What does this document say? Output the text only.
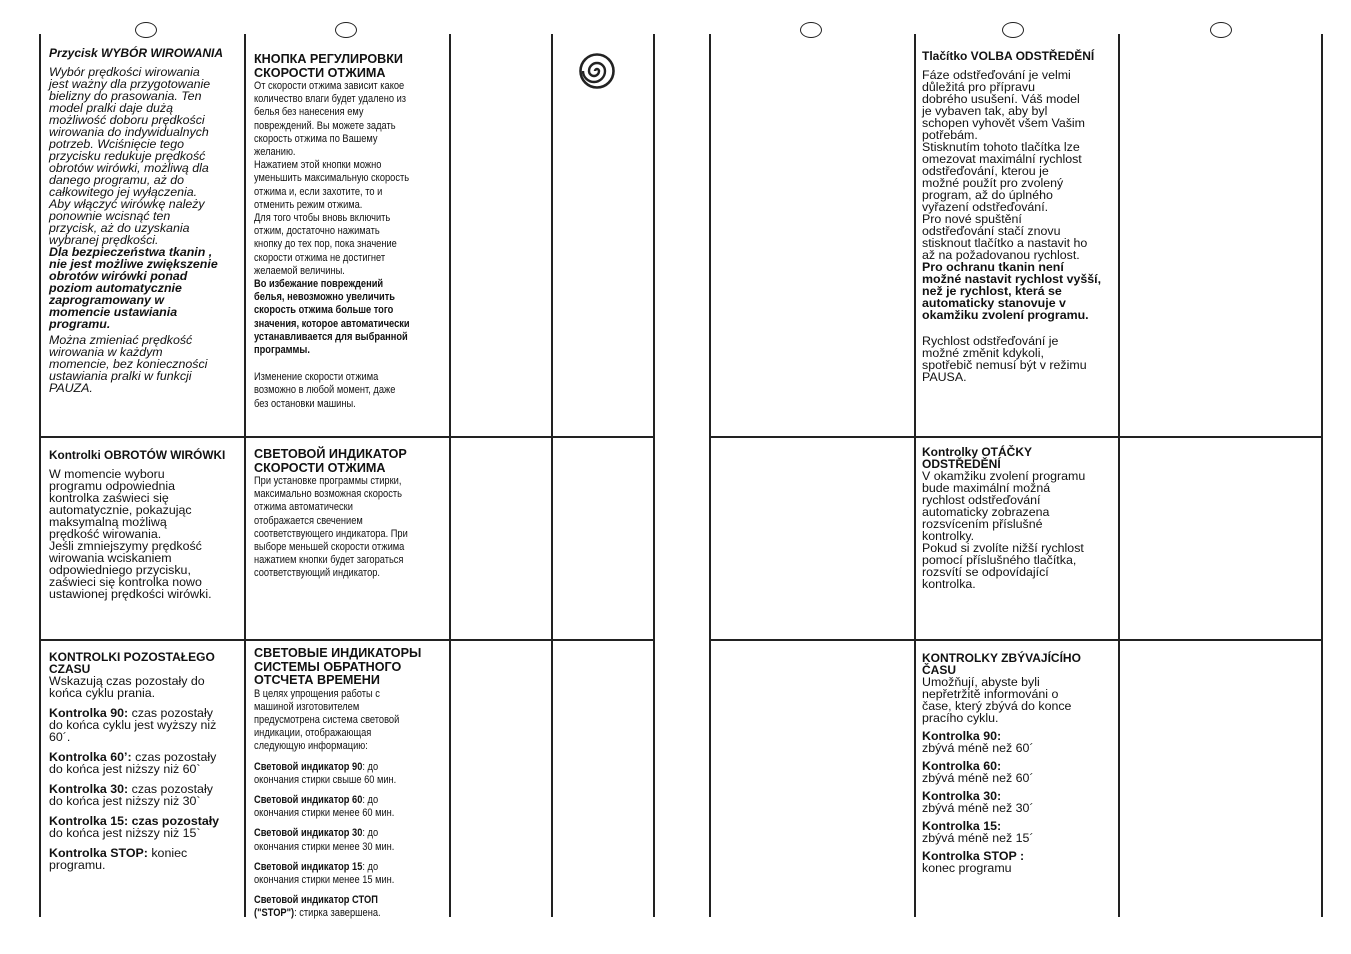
Przycisk WYBÓR WIROWANIA

Wybór prędkości wirowania
jest ważny dla przygotowanie
bielizny do prasowania. Ten
model pralki daje dużą
możliwość doboru prędkości
wirowania do indywidualnych
potrzeb. Wciśnięcie tego
przycisku redukuje prędkość
obrotów wirówki, możliwą dla
danego programu, aż do
całkowitego jej wyłączenia.
Aby włączyć wirówkę należy
ponownie wcisnąć ten
przycisk, aż do uzyskania
wybranej prędkości.
Dla bezpieczeństwa tkanin ,
nie jest możliwe zwiększenie
obrotów wirówki ponad
poziom automatycznie
zaprogramowany w
momencie ustawiania
programu.
Można zmieniać prędkość
wirowania w każdym
momencie, bez konieczności
ustawiania pralki w funkcji
PAUZA.

Kontrolki OBROTÓW WIRÓWKI

W momencie wyboru
programu odpowiednia
kontrolka zaświeci się
automatycznie, pokazując
maksymalną możliwą
prędkość wirowania.
Jeśli zmniejszymy prędkość
wirowania wciskaniem
odpowiedniego przycisku,
zaświeci się kontrolka nowo
ustawionej prędkości wirówki.
KONTROLKI POZOSTAŁEGO
CZASU
Wskazują czas pozostały do
końca cyklu prania.
Kontrolka 90: czas pozostały
do końca cyklu jest wyższy niż
60´.
Kontrolka 60’: czas pozostały
do końca jest niższy niż 60`
Kontrolka 30: czas pozostały
do końca jest niższy niż 30`
Kontrolka 15: czas pozostały
do końca jest niższy niż 15`
Kontrolka STOP: koniec
programu.
КНОПКА РЕГУЛИРОВКИ
СКОРОСТИ ОТЖИМА
От скорости отжима зависит какое
количество влаги будет удалено из
белья без нанесения ему
повреждений. Вы можете задать
скорость отжима по Вашему
желанию.
Нажатием этой кнопки можно
уменьшить максимальную скорость
отжима и, если захотите, то и
отменить режим отжима.
Для того чтобы вновь включить
отжим, достаточно нажимать
кнопку до тех пор, пока значение
скорости отжима не достигнет
желаемой величины.
Во избежание повреждений
белья, невозможно увеличить
скорость отжима больше того
значения, которое автоматически
устанавливается для выбранной
программы.
Изменение скорости отжима
возможно в любой момент, даже
без остановки машины.
СВЕТОВОЙ ИНДИКАТОР
СКОРОСТИ ОТЖИМА
При установке программы стирки,
максимально возможная скорость
отжима автоматически
отображается свечением
соответствующего индикатора. При
выборе меньшей скорости отжима
нажатием кнопки будет загораться
соответствующий индикатор.
СВЕТОВЫЕ ИНДИКАТОРЫ
СИСТЕМЫ ОБРАТНОГО
ОТСЧЕТА ВРЕМЕНИ
В целях упрощения работы с
машиной изготовителем
предусмотрена система световой
индикации, отображающая
следующую информацию:
Световой индикатор 90: до
окончания стирки свыше 60 мин.
Световой индикатор 60: до
окончания стирки менее 60 мин.
Световой индикатор 30: до
окончания стирки менее 30 мин.
Световой индикатор 15: до
окончания стирки менее 15 мин.
Световой индикатор СТОП
("STOP"): стирка завершена.

Tlačítko VOLBA ODSTŘEDĚNÍ

Fáze odstřeďování je velmi
důležitá pro přípravu
dobrého usušení. Váš model
je vybaven tak, aby byl
schopen vyhovět všem Vašim
potřebám.
Stisknutím tohoto tlačítka lze
omezovat maximální rychlost
odstřeďování, kterou je
možné použít pro zvolený
program, až do úplného
vyřazení odstřeďování.
Pro nové spuštění
odstřeďování stačí znovu
stisknout tlačítko a nastavit ho
až na požadovanou rychlost.
Pro ochranu tkanin není
možné nastavit rychlost vyšší,
než je rychlost, která se
automaticky stanovuje v
okamžiku zvolení programu.
Rychlost odstřeďování je
možné změnit kdykoli,
spotřebič nemusí být v režimu
PAUSA.
Kontrolky OTÁČKY
ODSTŘEDĚNÍ
V okamžiku zvolení programu
bude maximální možná
rychlost odstřeďování
automaticky zobrazena
rozsvícením příslušné
kontrolky.
Pokud si zvolíte nižší rychlost
pomocí příslušného tlačítka,
rozsvítí se odpovídající
kontrolka.
KONTROLKY ZBÝVAJÍCÍHO
ČASU
Umožňují, abyste byli
nepřetržitě informováni o
čase, který zbývá do konce
pracího cyklu.
Kontrolka 90:
zbývá méně než 60´
Kontrolka 60:
zbývá méně než 60´
Kontrolka 30:
zbývá méně než 30´
Kontrolka 15:
zbývá méně než 15´
Kontrolka STOP :
konec programu
